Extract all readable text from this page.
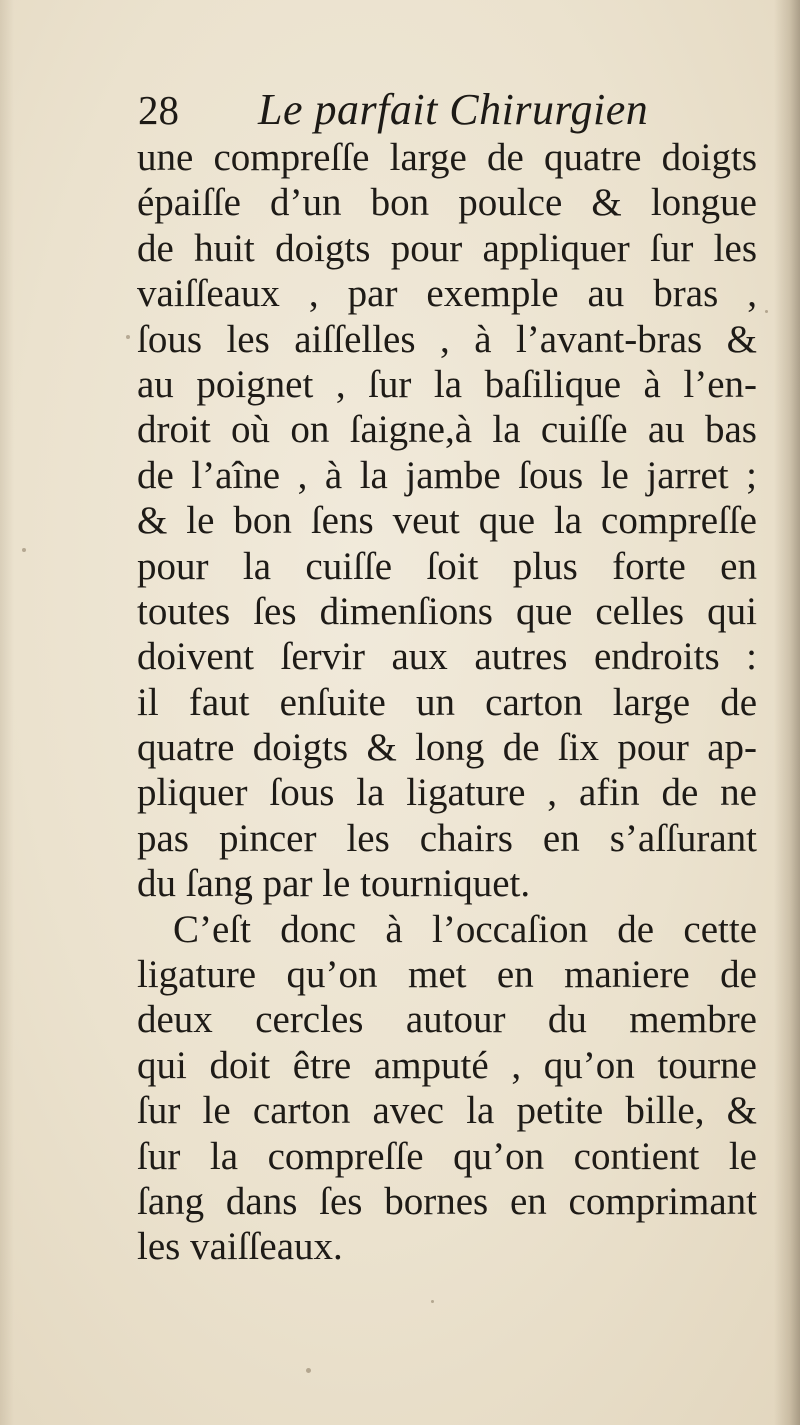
28 Le parfait Chirurgien
une compreſſe large de quatre doigts
épaiſſe d’un bon poulce & longue
de huit doigts pour appliquer ſur les
vaiſſeaux , par exemple au bras ,
ſous les aiſſelles , à l’avant-bras &
au poignet , ſur la baſilique à l’en-
droit où on ſaigne,à la cuiſſe au bas
de l’aîne , à la jambe ſous le jarret ;
& le bon ſens veut que la compreſſe
pour la cuiſſe ſoit plus forte en
toutes ſes dimenſions que celles qui
doivent ſervir aux autres endroits :
il faut enſuite un carton large de
quatre doigts & long de ſix pour ap-
pliquer ſous la ligature , afin de ne
pas pincer les chairs en s’aſſurant
du ſang par le tourniquet.
C’eſt donc à l’occaſion de cette
ligature qu’on met en maniere de
deux cercles autour du membre
qui doit être amputé , qu’on tourne
ſur le carton avec la petite bille, &
ſur la compreſſe qu’on contient le
ſang dans ſes bornes en comprimant
les vaiſſeaux.
